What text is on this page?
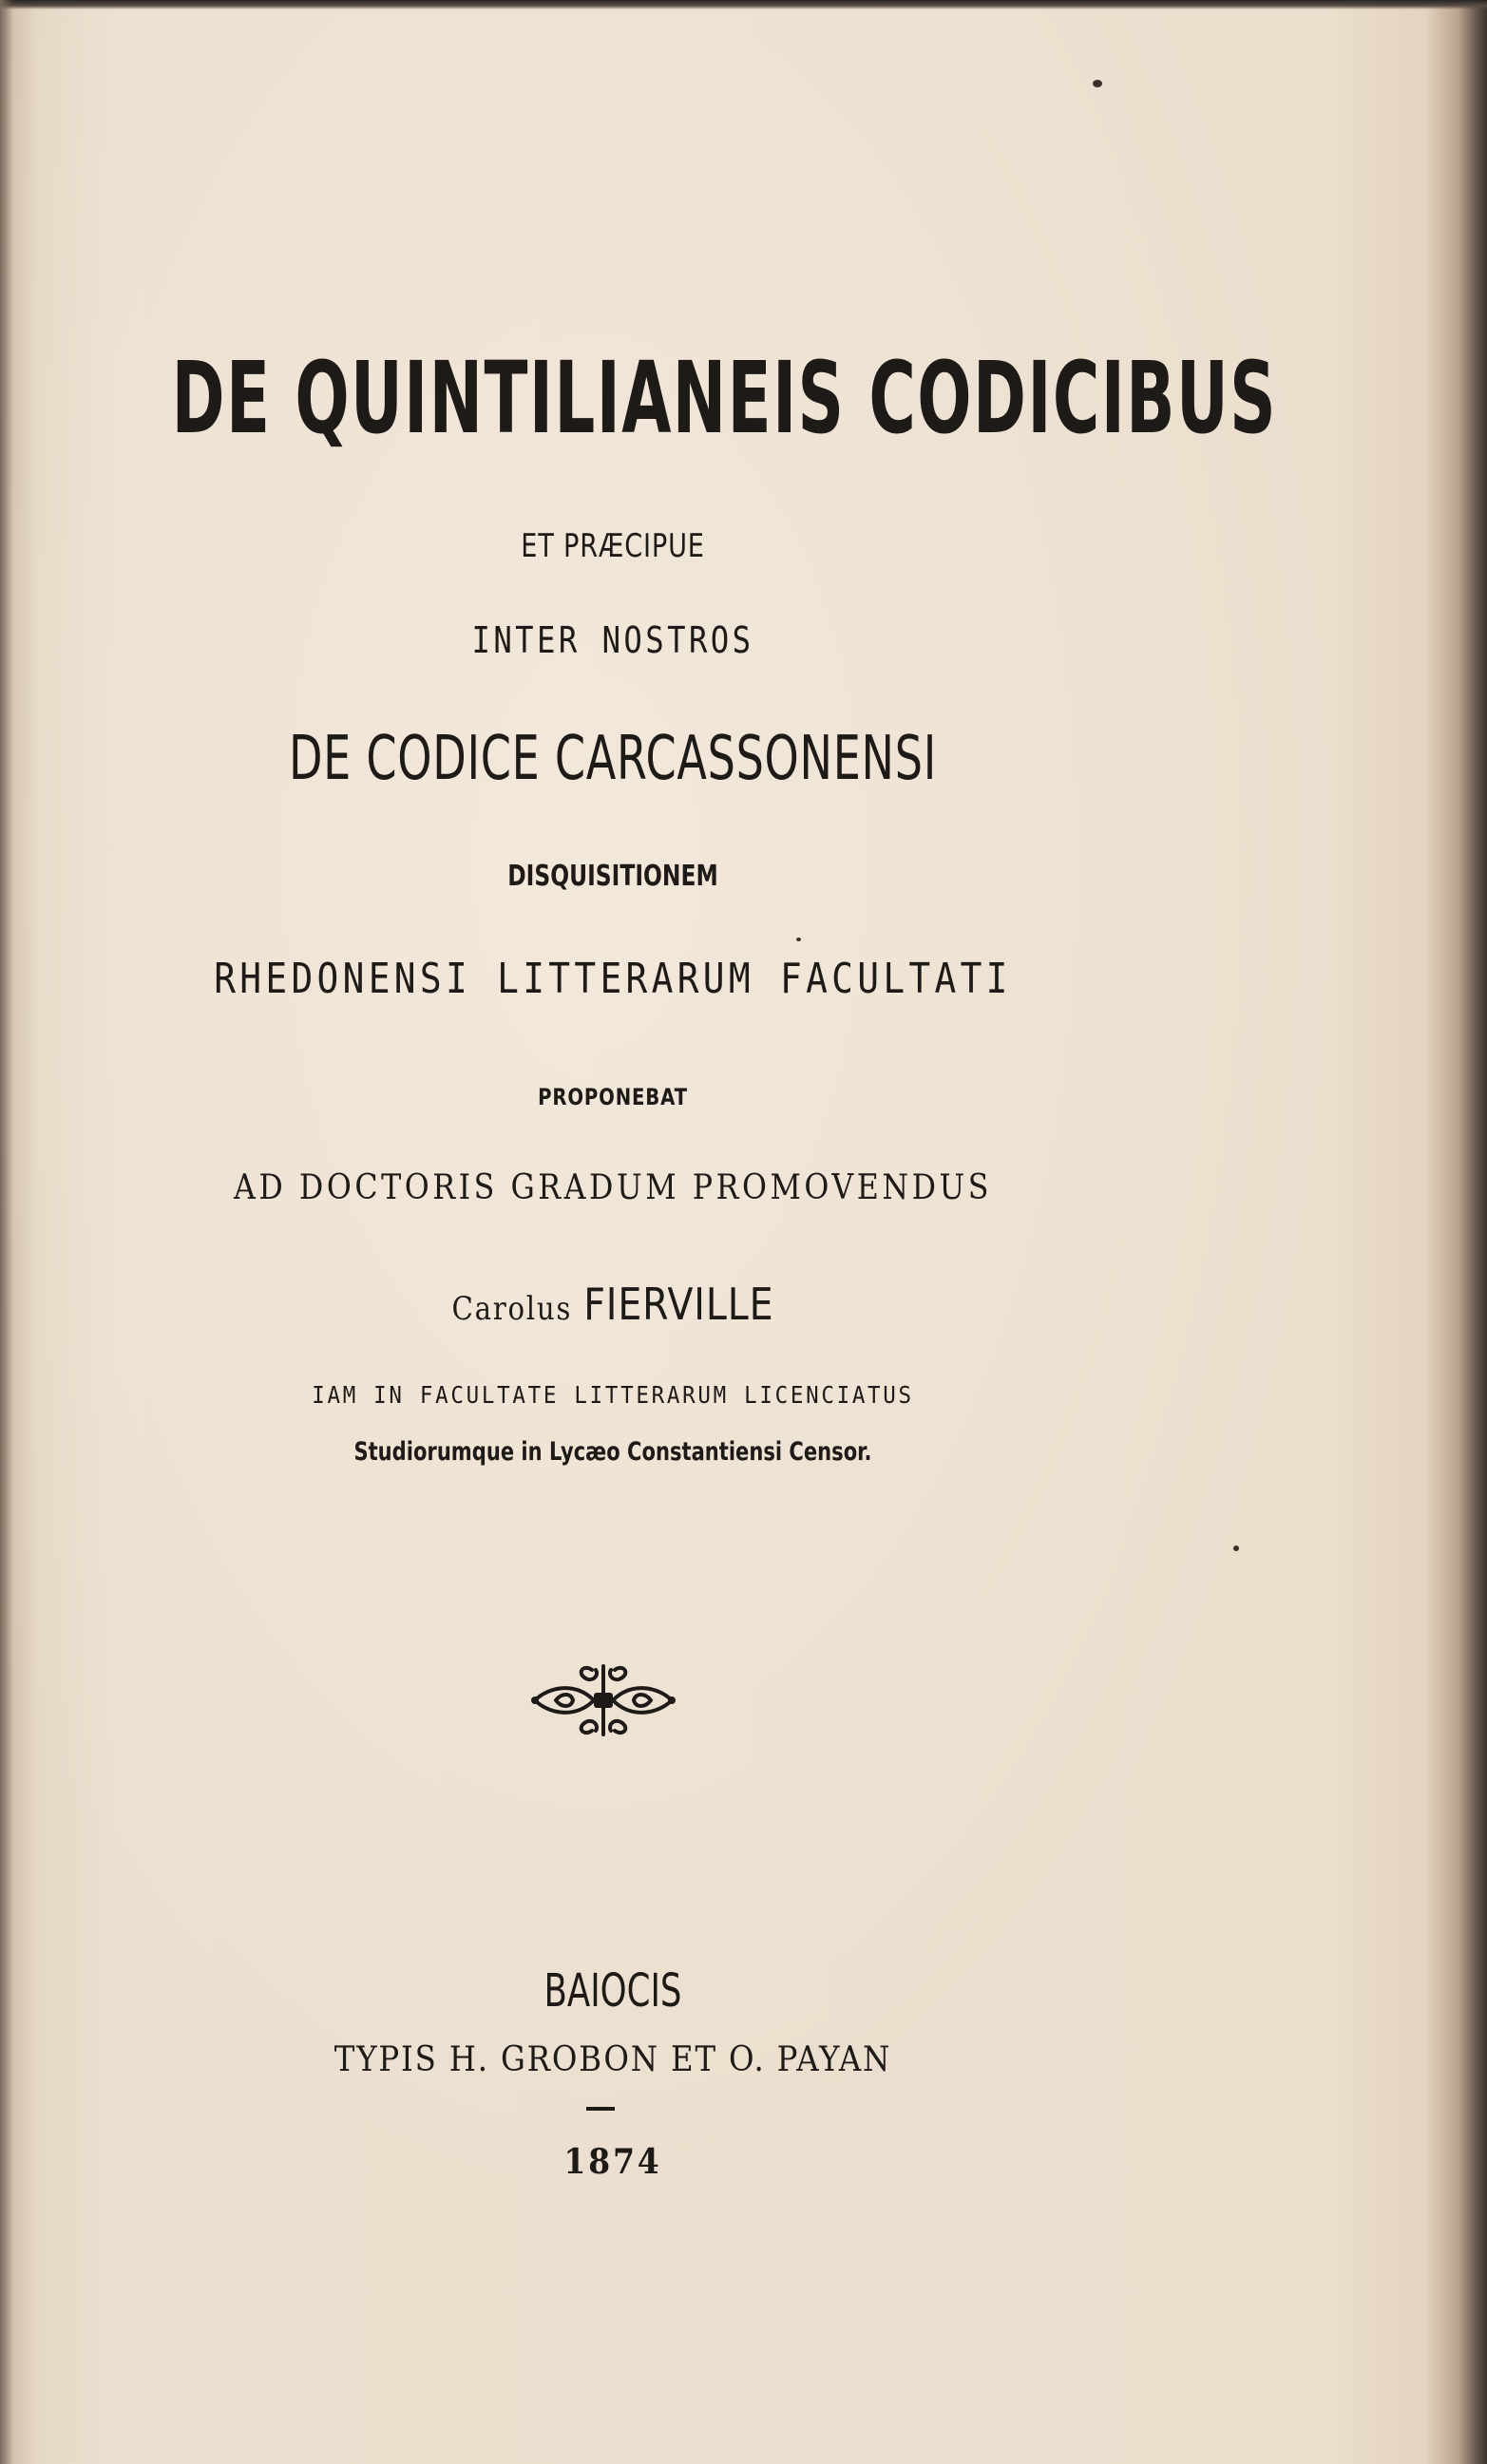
DE QUINTILIANEIS CODICIBUS
ET PRÆCIPUE
INTER NOSTROS
DE CODICE CARCASSONENSI
DISQUISITIONEM
RHEDONENSI LITTERARUM FACULTATI
PROPONEBAT
AD DOCTORIS GRADUM PROMOVENDUS
Carolus FIERVILLE
IAM IN FACULTATE LITTERARUM LICENCIATUS
Studiorumque in Lycæo Constantiensi Censor.
BAIOCIS
TYPIS H. GROBON ET O. PAYAN
1874
